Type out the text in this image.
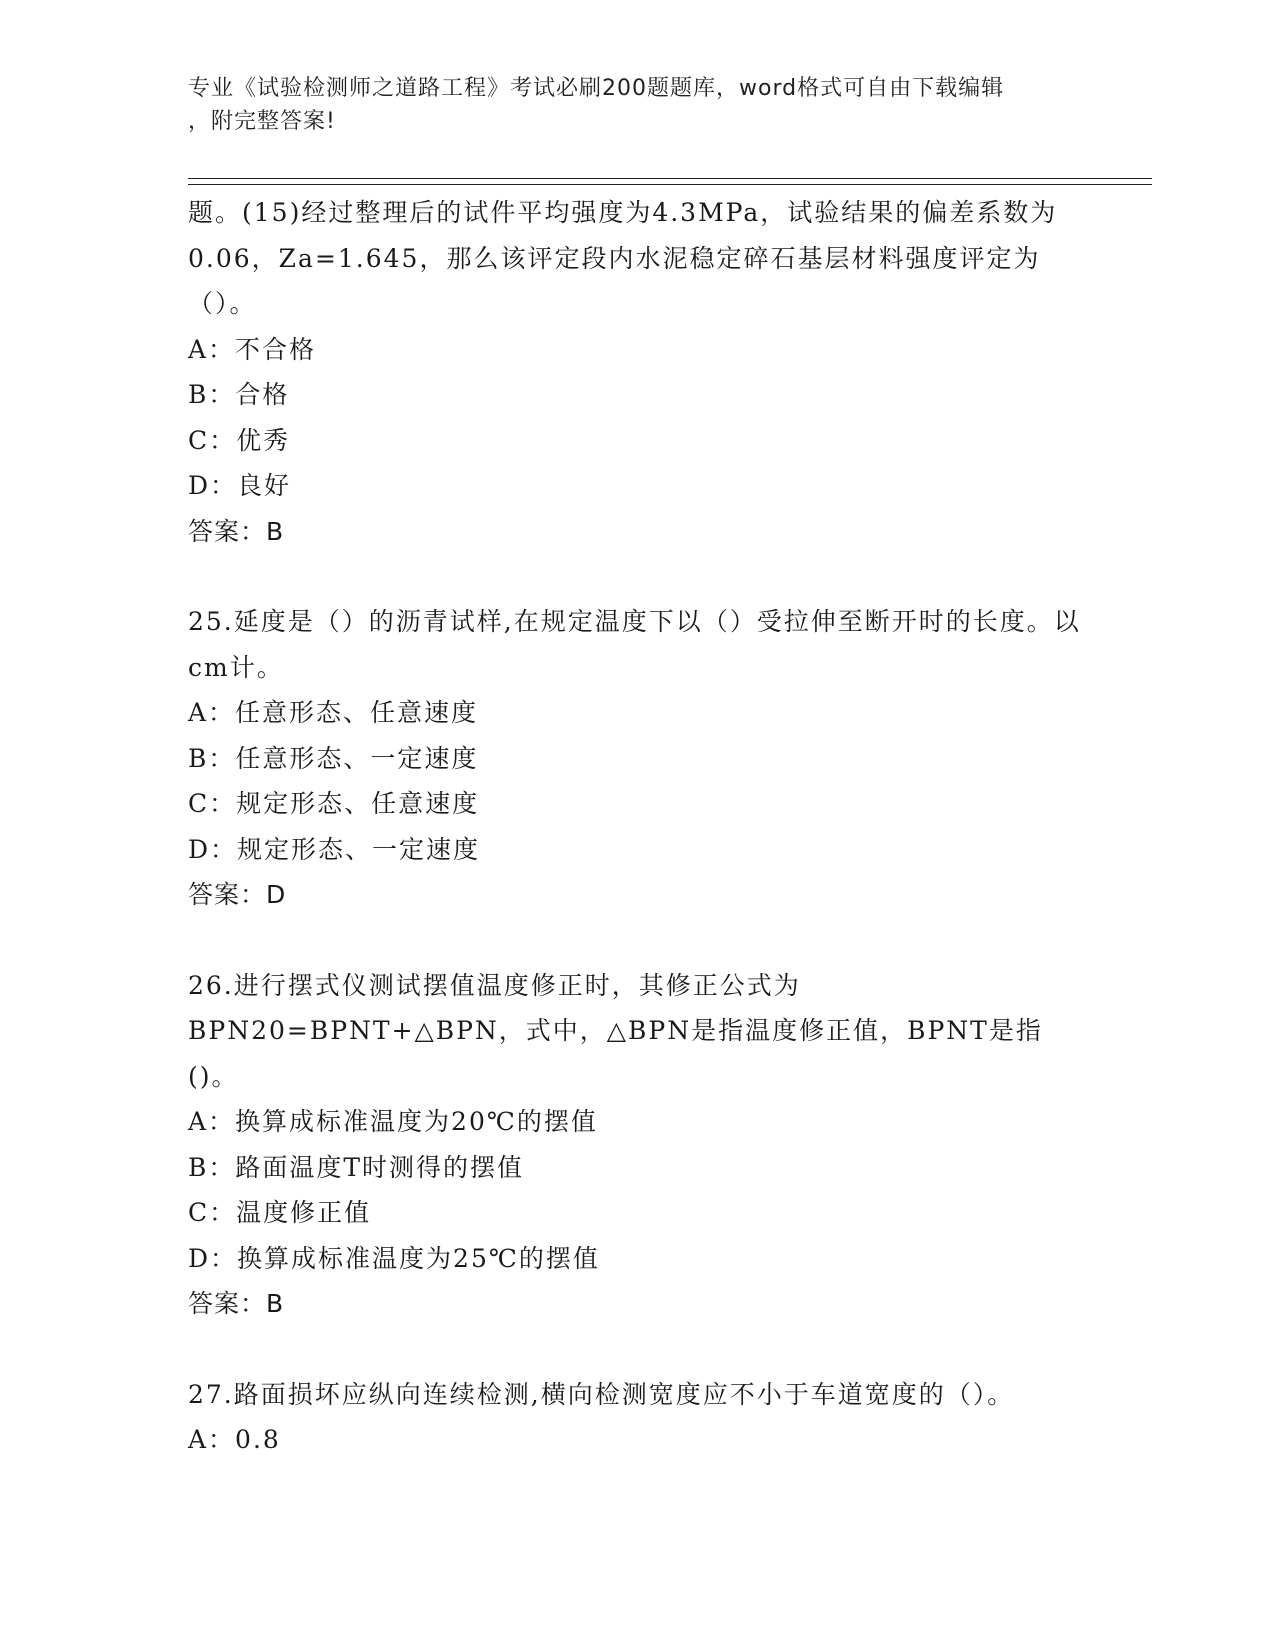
专业《试验检测师之道路工程》考试必刷200题题库，word格式可自由下载编辑
，附完整答案!

题。(15)经过整理后的试件平均强度为4.3MPa，试验结果的偏差系数为0.06，Za=1.645，那么该评定段内水泥稳定碎石基层材料强度评定为（）。

A：不合格
B：合格
C：优秀
D：良好
答案：B

25.延度是（）的沥青试样,在规定温度下以（）受拉伸至断开时的长度。以cm计。

A：任意形态、任意速度
B：任意形态、一定速度
C：规定形态、任意速度
D：规定形态、一定速度
答案：D

26.进行摆式仪测试摆值温度修正时，其修正公式为BPN20=BPNT+△BPN，式中，△BPN是指温度修正值，BPNT是指()。

A：换算成标准温度为20℃的摆值
B：路面温度T时测得的摆值
C：温度修正值
D：换算成标准温度为25℃的摆值
答案：B

27.路面损坏应纵向连续检测,横向检测宽度应不小于车道宽度的（）。

A：0.8
